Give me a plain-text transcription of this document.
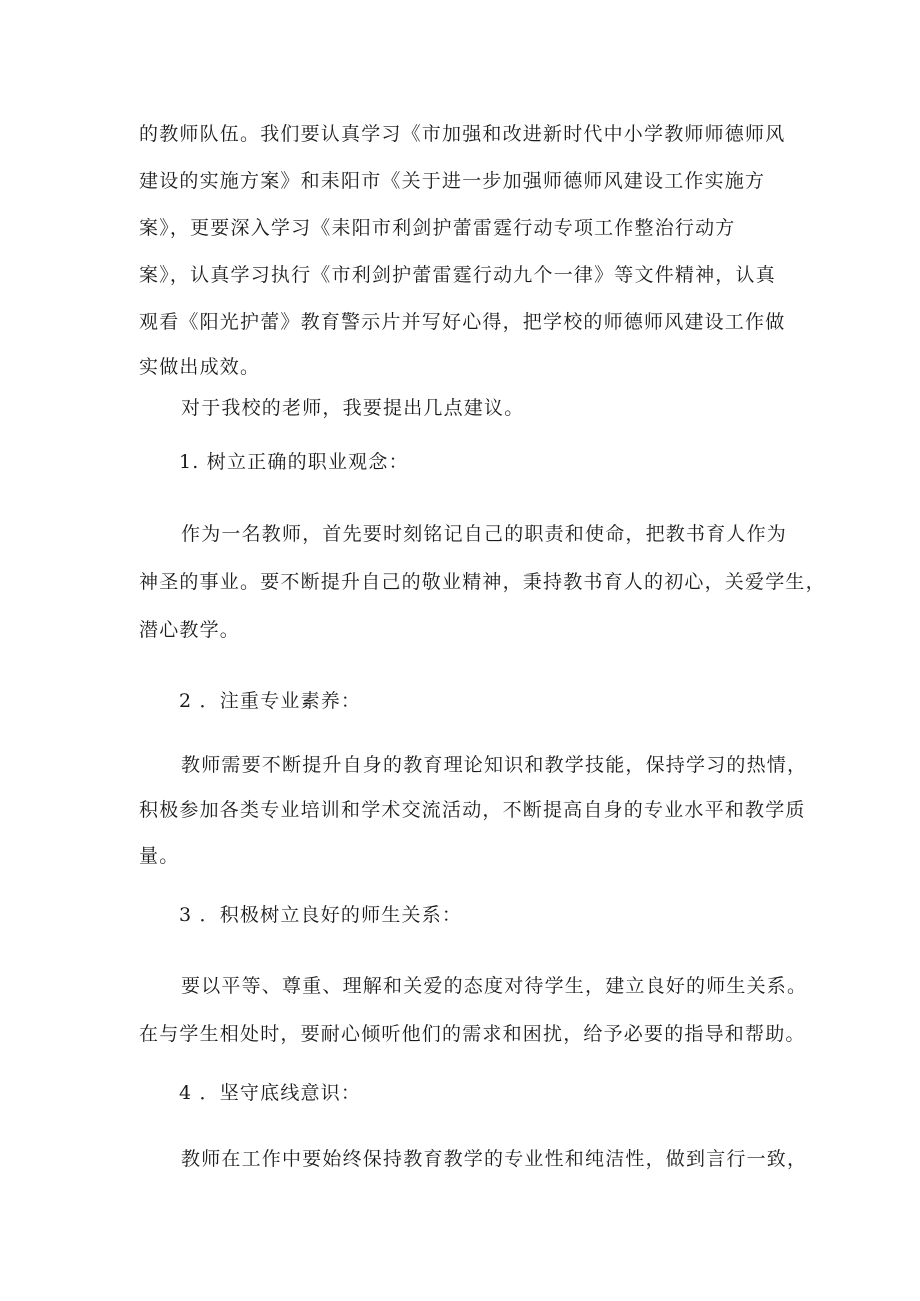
的教师队伍。我们要认真学习《市加强和改进新时代中小学教师师德师风
建设的实施方案》和耒阳市《关于进一步加强师德师风建设工作实施方
案》，更要深入学习《耒阳市利剑护蕾雷霆行动专项工作整治行动方
案》，认真学习执行《市利剑护蕾雷霆行动九个一律》等文件精神，认真
观看《阳光护蕾》教育警示片并写好心得，把学校的师德师风建设工作做
实做出成效。
对于我校的老师，我要提出几点建议。
1. 树立正确的职业观念：
作为一名教师，首先要时刻铭记自己的职责和使命，把教书育人作为
神圣的事业。要不断提升自己的敬业精神，秉持教书育人的初心，关爱学生，
潜心教学。
2 ．注重专业素养：
教师需要不断提升自身的教育理论知识和教学技能，保持学习的热情，
积极参加各类专业培训和学术交流活动，不断提高自身的专业水平和教学质
量。
3 ．积极树立良好的师生关系：
要以平等、尊重、理解和关爱的态度对待学生，建立良好的师生关系。
在与学生相处时，要耐心倾听他们的需求和困扰，给予必要的指导和帮助。
4 ．坚守底线意识：
教师在工作中要始终保持教育教学的专业性和纯洁性，做到言行一致，
